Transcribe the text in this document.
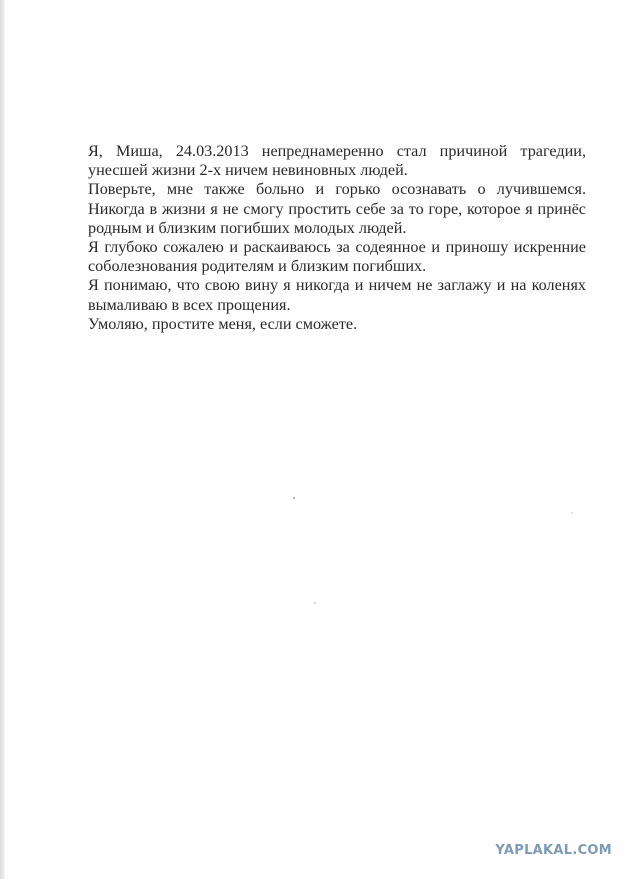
Я, Миша, 24.03.2013 непреднамеренно стал причиной трагедии, унесшей жизни 2-х ничем невиновных людей.

Поверьте, мне также больно и горько осознавать о лучившемся. Никогда в жизни я не смогу простить себе за то горе, которое я принёс родным и близким погибших молодых людей.

Я глубоко сожалею и раскаиваюсь за содеянное и приношу искренние соболезнования родителям и близким погибших.

Я понимаю, что свою вину я никогда и ничем не заглажу и на коленях вымаливаю в всех прощения.

Умоляю, простите меня, если сможете.

YAPLAKAL.COM
